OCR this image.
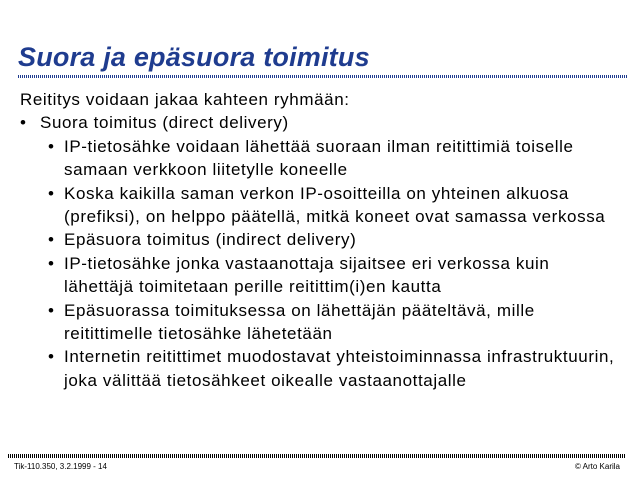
Suora ja epäsuora toimitus

Reititys voidaan jakaa kahteen ryhmään:

• Suora toimitus (direct delivery)
• IP-tietosähke voidaan lähettää suoraan ilman reitittimiä toiselle samaan verkkoon liitetylle koneelle
• Koska kaikilla saman verkon IP-osoitteilla on yhteinen alkuosa (prefiksi), on helppo päätellä, mitkä koneet ovat samassa verkossa
• Epäsuora toimitus (indirect delivery)
• IP-tietosähke jonka vastaanottaja sijaitsee eri verkossa kuin lähettäjä toimitetaan perille reitittim(i)en kautta
• Epäsuorassa toimituksessa on lähettäjän pääteltävä, mille reitittimelle tietosähke lähetetään
• Internetin reitittimet muodostavat yhteistoiminnassa infrastruktuurin, joka välittää tietosähkeet oikealle vastaanottajalle
Tik-110.350, 3.2.1999 - 14	© Arto Karila
